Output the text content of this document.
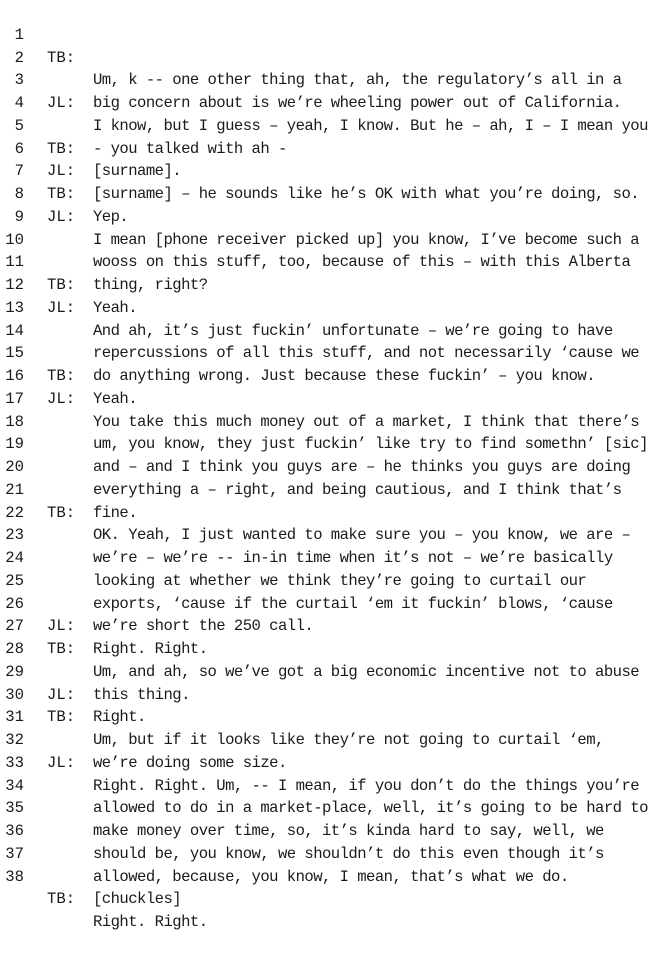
1

TB:

Um, k -- one other thing that, ah, the regulatory’s all in a

2

big concern about is we’re wheeling power out of California.

3

JL:

I know, but I guess – yeah, I know. But he – ah, I – I mean you

4

- you talked with ah -

5

TB:

[surname].

6

JL:

[surname] – he sounds like he’s OK with what you’re doing, so.

7

TB:

Yep.

8

JL:

I mean [phone receiver picked up] you know, I’ve become such a

9

wooss on this stuff, too, because of this – with this Alberta

10

thing, right?

11

TB:

Yeah.

12

JL:

And ah, it’s just fuckin’ unfortunate – we’re going to have

13

repercussions of all this stuff, and not necessarily ‘cause we

14

do anything wrong. Just because these fuckin’ – you know.

15

TB:

Yeah.

16

JL:

You take this much money out of a market, I think that there’s

17

um, you know, they just fuckin’ like try to find somethn’ [sic]

18

and – and I think you guys are – he thinks you guys are doing

19

everything a – right, and being cautious, and I think that’s

20

fine.

21

TB:

OK. Yeah, I just wanted to make sure you – you know, we are –

22

we’re – we’re -- in-in time when it’s not – we’re basically

23

looking at whether we think they’re going to curtail our

24

exports, ‘cause if the curtail ‘em it fuckin’ blows, ‘cause

25

we’re short the 250 call.

26

JL:

Right. Right.

27

TB:

Um, and ah, so we’ve got a big economic incentive not to abuse

28

this thing.

29

JL:

Right.

30

TB:

Um, but if it looks like they’re not going to curtail ‘em,

31

we’re doing some size.

32

JL:

Right. Right. Um, -- I mean, if you don’t do the things you’re

33

allowed to do in a market-place, well, it’s going to be hard to

34

make money over time, so, it’s kinda hard to say, well, we

35

should be, you know, we shouldn’t do this even though it’s

36

allowed, because, you know, I mean, that’s what we do.

37

[chuckles]

38

TB:

Right. Right.
